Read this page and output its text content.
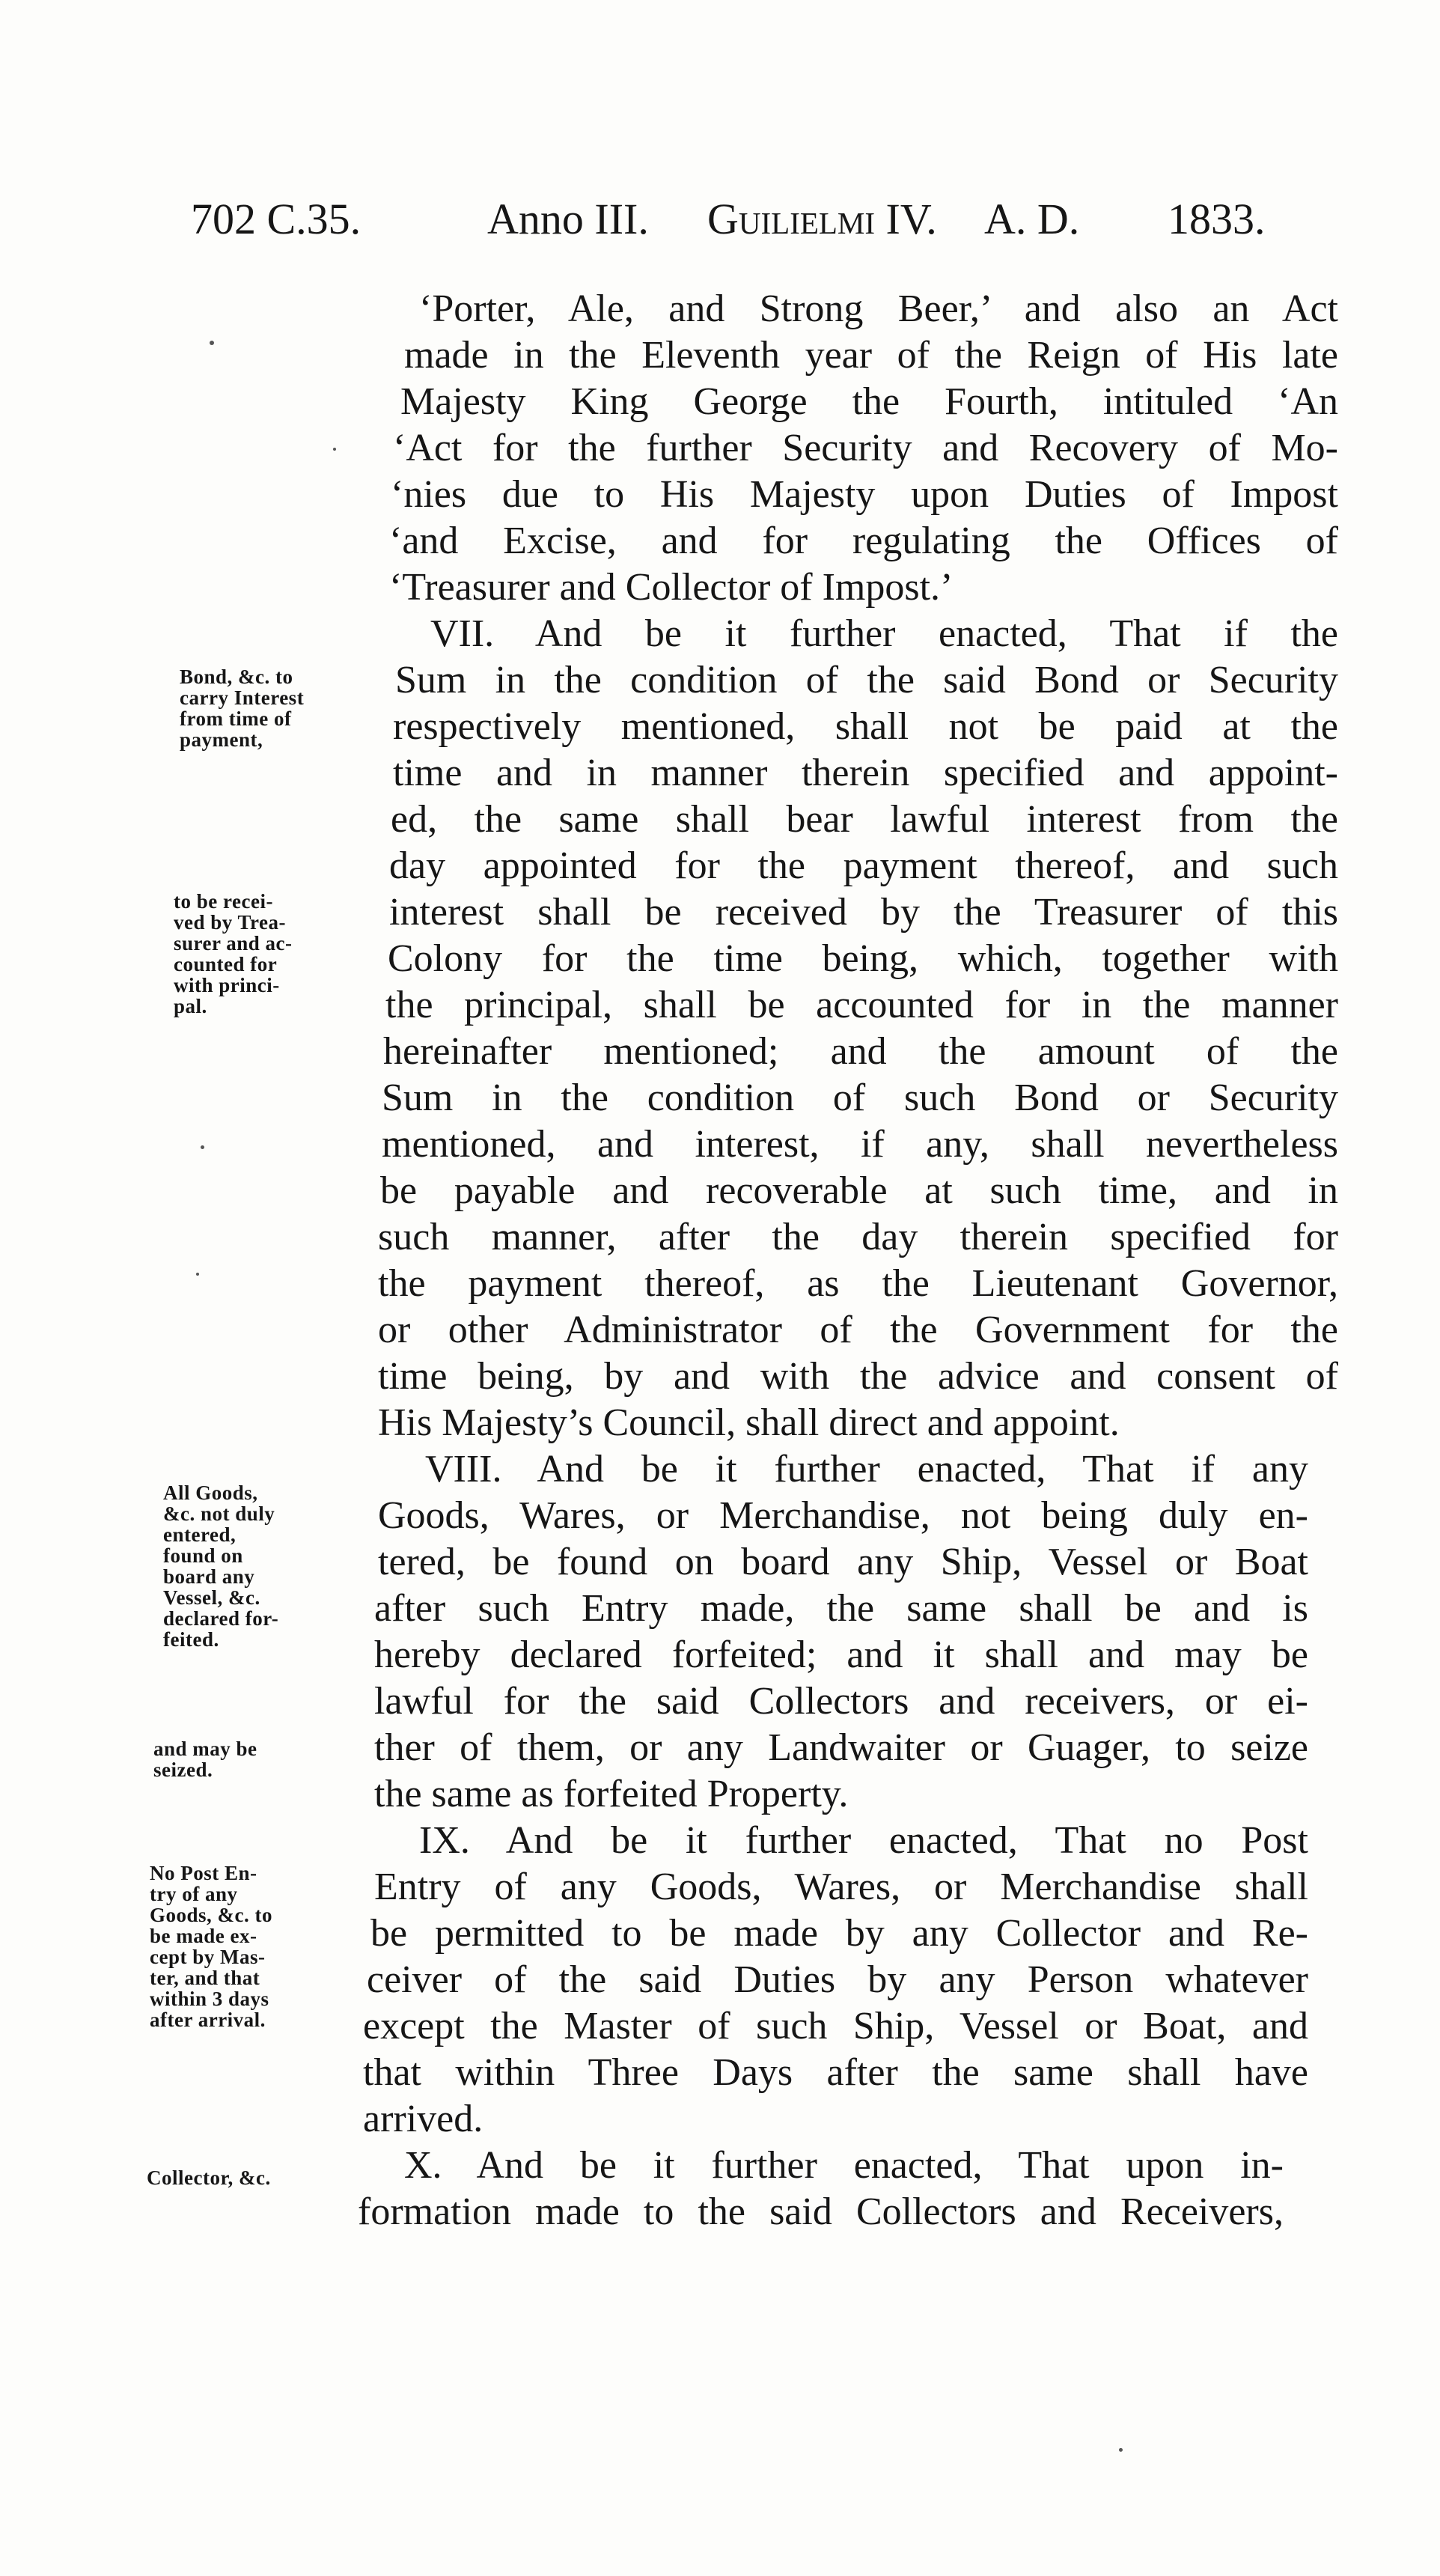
702 C.35.	Anno III. Guilielmi IV. A. D. 1833.
‘Porter, Ale, and Strong Beer,’ and also an Act
made in the Eleventh year of the Reign of His late
Majesty King George the Fourth, intituled ‘An
‘Act for the further Security and Recovery of Mo-
‘nies due to His Majesty upon Duties of Impost
‘and Excise, and for regulating the Offices of
‘Treasurer and Collector of Impost.’
VII. And be it further enacted, That if the
Sum in the condition of the said Bond or Security
respectively mentioned, shall not be paid at the
time and in manner therein specified and appoint-
ed, the same shall bear lawful interest from the
day appointed for the payment thereof, and such
interest shall be received by the Treasurer of this
Colony for the time being, which, together with
the principal, shall be accounted for in the manner
hereinafter mentioned; and the amount of the
Sum in the condition of such Bond or Security
mentioned, and interest, if any, shall nevertheless
be payable and recoverable at such time, and in
such manner, after the day therein specified for
the payment thereof, as the Lieutenant Governor,
or other Administrator of the Government for the
time being, by and with the advice and consent of
His Majesty’s Council, shall direct and appoint.
VIII. And be it further enacted, That if any
Goods, Wares, or Merchandise, not being duly en-
tered, be found on board any Ship, Vessel or Boat
after such Entry made, the same shall be and is
hereby declared forfeited; and it shall and may be
lawful for the said Collectors and receivers, or ei-
ther of them, or any Landwaiter or Guager, to seize
the same as forfeited Property.
IX. And be it further enacted, That no Post
Entry of any Goods, Wares, or Merchandise shall
be permitted to be made by any Collector and Re-
ceiver of the said Duties by any Person whatever
except the Master of such Ship, Vessel or Boat, and
that within Three Days after the same shall have
arrived.
X. And be it further enacted, That upon in-
formation made to the said Collectors and Receivers,
Bond, &c. to
carry Interest
from time of
payment,
to be recei-
ved by Trea-
surer and ac-
counted for
with princi-
pal.
All Goods,
&c. not duly
entered,
found on
board any
Vessel, &c.
declared for-
feited.
and may be
seized.
No Post En-
try of any
Goods, &c. to
be made ex-
cept by Mas-
ter, and that
within 3 days
after arrival.
Collector, &c.
